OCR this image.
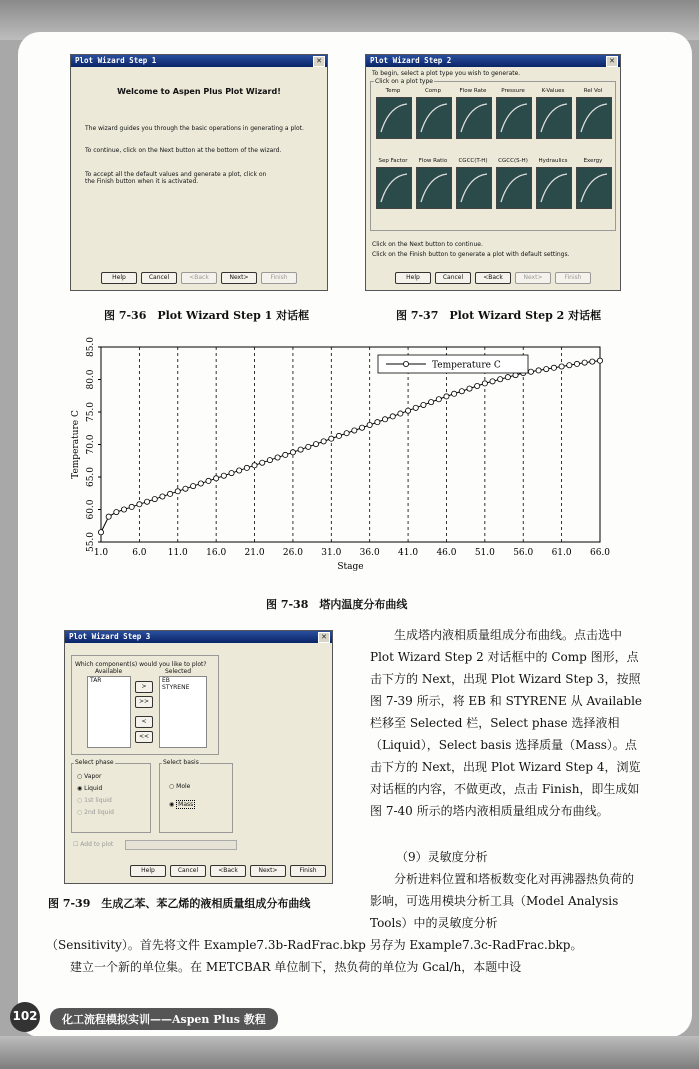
Plot Wizard Step 1	✕
Welcome to Aspen Plus Plot Wizard!
The wizard guides you through the basic operations in generating a plot.
To continue, click on the Next button at the bottom of the wizard.
To accept all the default values and generate a plot, click on the Finish button when it is activated.
Help	Cancel	<Back	Next>	Finish
Plot Wizard Step 2	✕
To begin, select a plot type you wish to generate.
Click on a plot type
Click on the Next button to continue.
Click on the Finish button to generate a plot with default settings.
Help	Cancel	<Back	Next>	Finish
Temp	Comp	Flow Rate	Pressure	K-Values	Rel Vol
Sep Factor	Flow Ratio	CGCC(T-H)	CGCC(S-H)	Hydraulics	Exergy
图 7-36　Plot Wizard Step 1 对话框	图 7-37　Plot Wizard Step 2 对话框
1.0	6.0 11.0 16.0 21.0 26.0 31.0 36.0 41.0 46.0 51.0 56.0 61.0 66.0
55.0
60.0
65.0
70.0
75.0
80.0
85.0
Stage
Temperature C
Temperature C
图 7-38　塔内温度分布曲线
Plot Wizard Step 3	✕
Which component(s) would you like to plot?
Available	Selected
TAR	EB
STYRENE
>
>>
<
<<
Select phase
○ Vapor
◉ Liquid
○ 1st liquid
○ 2nd liquid
Select basis
○ Mole
◉ Mass
☐ Add to plot
Help	Cancel	<Back	Next>	Finish
图 7-39　生成乙苯、苯乙烯的液相质量组成分布曲线
生成塔内液相质量组成分布曲线。点击选中 Plot Wizard Step 2 对话框中的 Comp 图形，点击下方的 Next，出现 Plot Wizard Step 3，按照图 7-39 所示，将 EB 和 STYRENE 从 Available 栏移至 Selected 栏，Select phase 选择液相（Liquid），Select basis 选择质量（Mass）。点击下方的 Next，出现 Plot Wizard Step 4，浏览对话框的内容，不做更改，点击 Finish，即生成如图 7-40 所示的塔内液相质量组成分布曲线。
（9）灵敏度分析
分析进料位置和塔板数变化对再沸器热负荷的影响，可选用模块分析工具（Model Analysis Tools）中的灵敏度分析
（Sensitivity）。首先将文件 Example7.3b-RadFrac.bkp 另存为 Example7.3c-RadFrac.bkp。
建立一个新的单位集。在 METCBAR 单位制下，热负荷的单位为 Gcal/h，本题中设
102	化工流程模拟实训——Aspen Plus 教程
